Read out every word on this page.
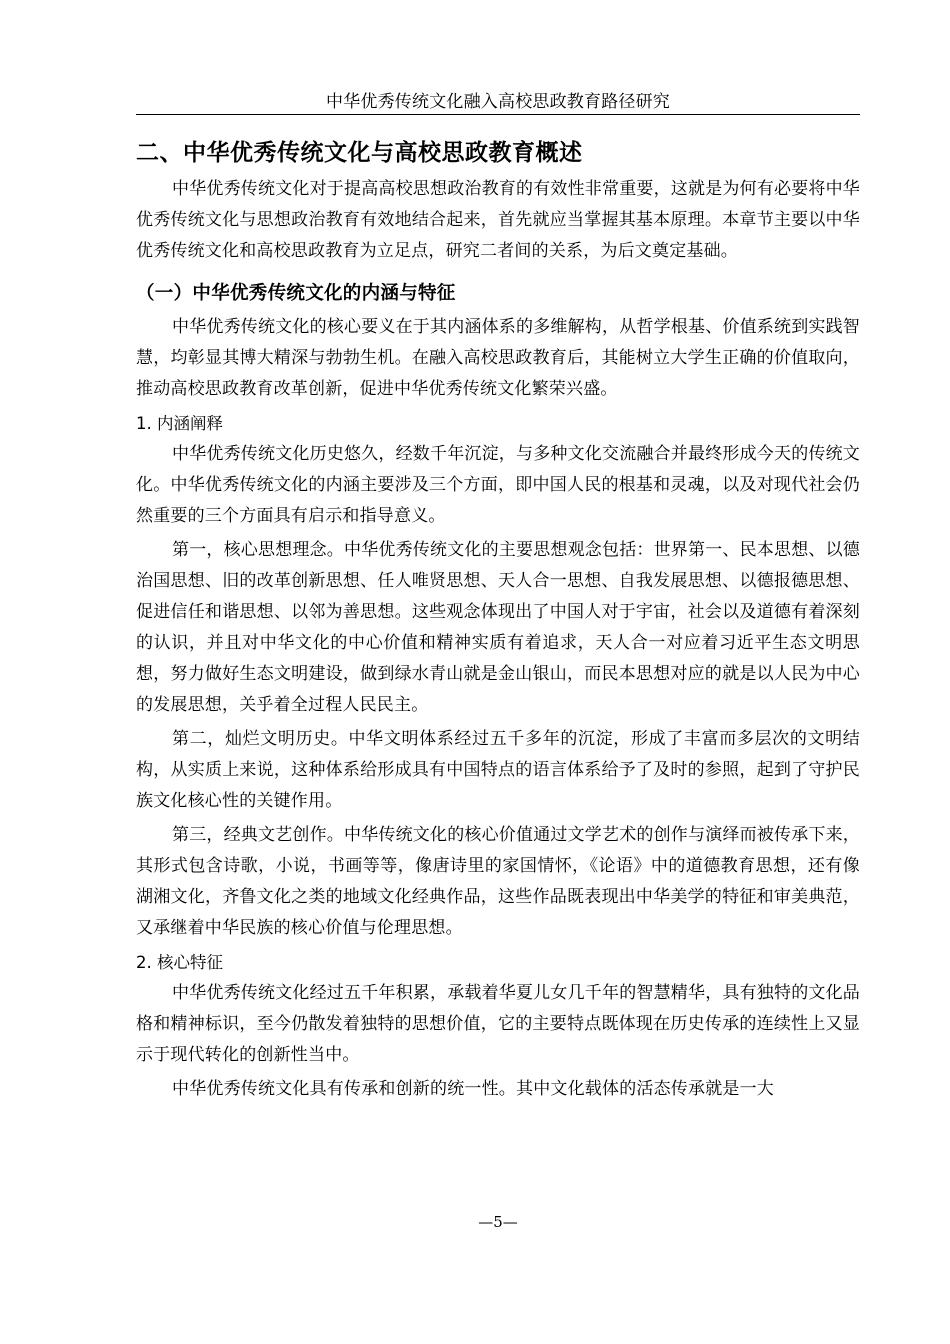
中华优秀传统文化融入高校思政教育路径研究
二、中华优秀传统文化与高校思政教育概述

中华优秀传统文化对于提高高校思想政治教育的有效性非常重要，这就是为何有必要将中华优秀传统文化与思想政治教育有效地结合起来，首先就应当掌握其基本原理。本章节主要以中华优秀传统文化和高校思政教育为立足点，研究二者间的关系，为后文奠定基础。

（一）中华优秀传统文化的内涵与特征

中华优秀传统文化的核心要义在于其内涵体系的多维解构，从哲学根基、价值系统到实践智慧，均彰显其博大精深与勃勃生机。在融入高校思政教育后，其能树立大学生正确的价值取向，推动高校思政教育改革创新，促进中华优秀传统文化繁荣兴盛。

1. 内涵阐释

中华优秀传统文化历史悠久，经数千年沉淀，与多种文化交流融合并最终形成今天的传统文化。中华优秀传统文化的内涵主要涉及三个方面，即中国人民的根基和灵魂，以及对现代社会仍然重要的三个方面具有启示和指导意义。

第一，核心思想理念。中华优秀传统文化的主要思想观念包括：世界第一、民本思想、以德治国思想、旧的改革创新思想、任人唯贤思想、天人合一思想、自我发展思想、以德报德思想、促进信任和谐思想、以邻为善思想。这些观念体现出了中国人对于宇宙，社会以及道德有着深刻的认识，并且对中华文化的中心价值和精神实质有着追求，天人合一对应着习近平生态文明思想，努力做好生态文明建设，做到绿水青山就是金山银山，而民本思想对应的就是以人民为中心的发展思想，关乎着全过程人民民主。

第二，灿烂文明历史。中华文明体系经过五千多年的沉淀，形成了丰富而多层次的文明结构，从实质上来说，这种体系给形成具有中国特点的语言体系给予了及时的参照，起到了守护民族文化核心性的关键作用。

第三，经典文艺创作。中华传统文化的核心价值通过文学艺术的创作与演绎而被传承下来，其形式包含诗歌，小说，书画等等，像唐诗里的家国情怀，《论语》中的道德教育思想，还有像湖湘文化，齐鲁文化之类的地域文化经典作品，这些作品既表现出中华美学的特征和审美典范，又承继着中华民族的核心价值与伦理思想。

2. 核心特征

中华优秀传统文化经过五千年积累，承载着华夏儿女几千年的智慧精华，具有独特的文化品格和精神标识，至今仍散发着独特的思想价值，它的主要特点既体现在历史传承的连续性上又显示于现代转化的创新性当中。

中华优秀传统文化具有传承和创新的统一性。其中文化载体的活态传承就是一大

—5—
